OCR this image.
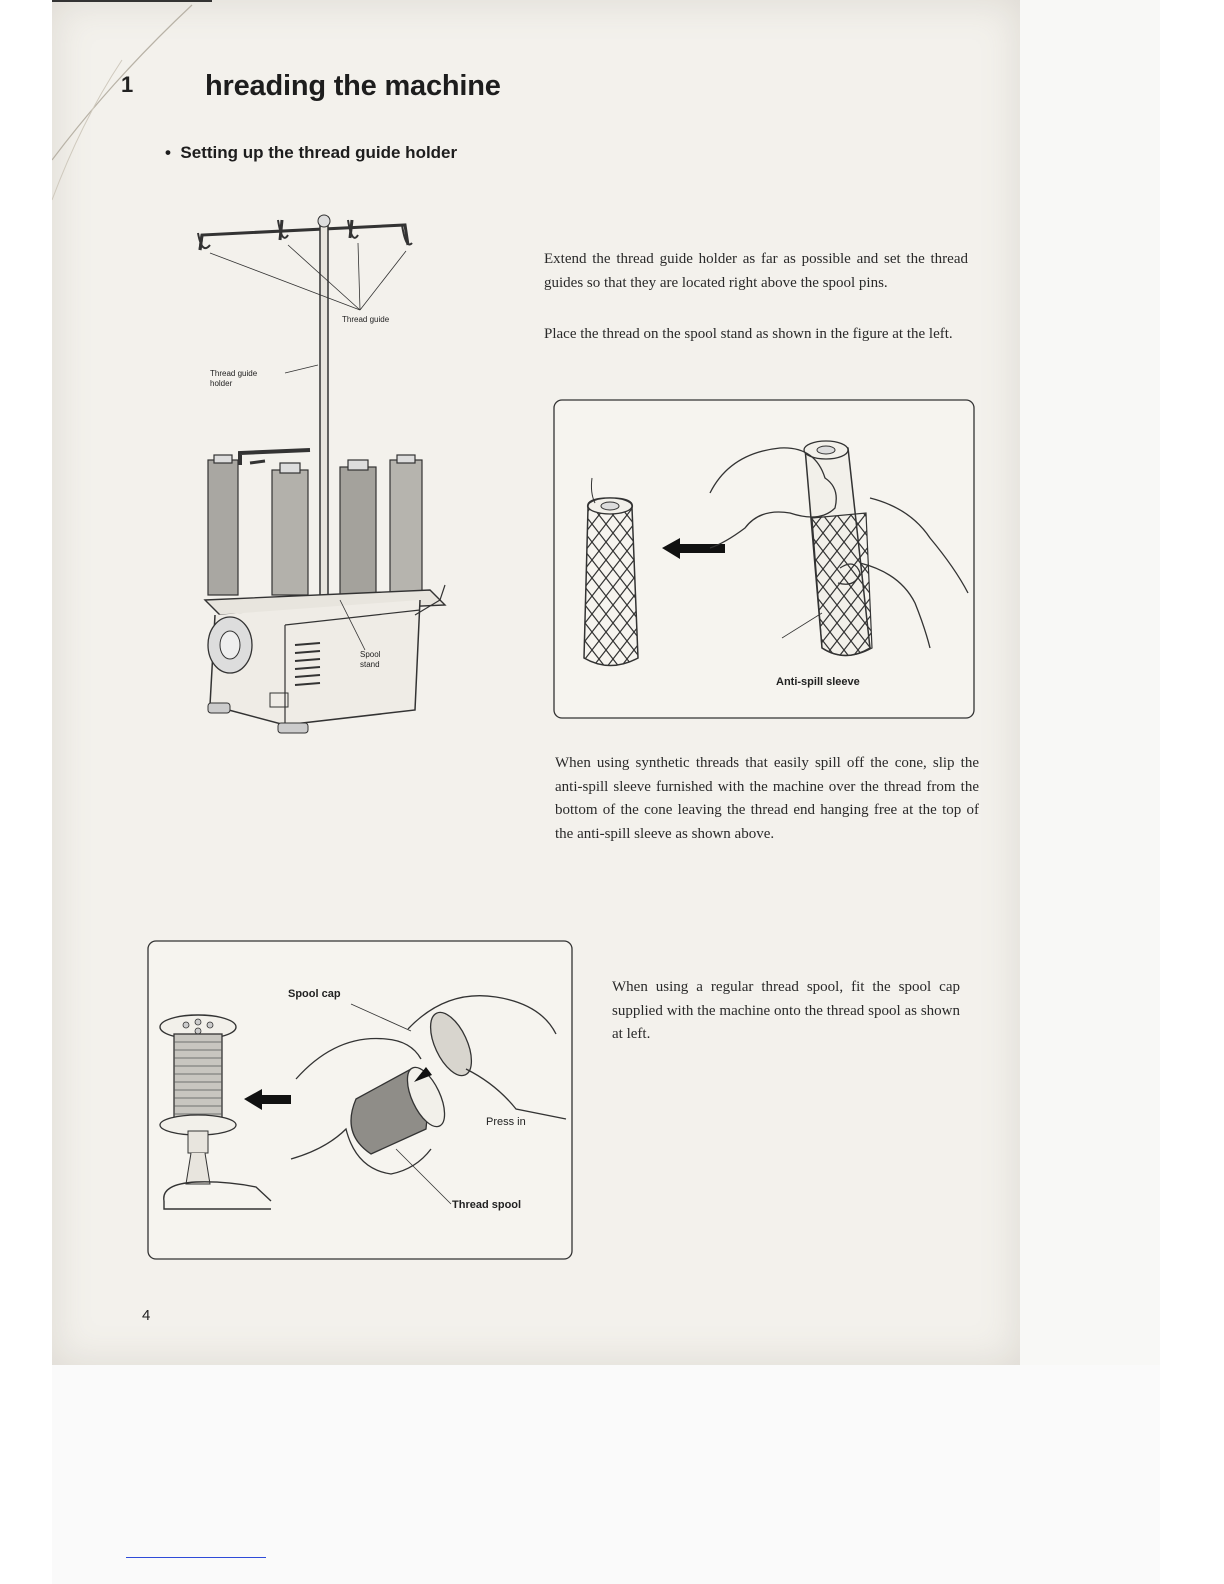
1 hreading the machine
•  Setting up the thread guide holder
Thread guide
Thread guide
holder
Spool
stand

Extend the thread guide holder as far as possible and set the thread guides so that they are located right above the spool pins.

Place the thread on the spool stand as shown in the figure at the left.

Anti-spill sleeve

When using synthetic threads that easily spill off the cone, slip the anti-spill sleeve furnished with the machine over the thread from the bottom of the cone leaving the thread end hanging free at the top of the anti-spill sleeve as shown above.

Spool cap
Press in
Thread spool

When using a regular thread spool, fit the spool cap supplied with the machine onto the thread spool as shown at left.

4
